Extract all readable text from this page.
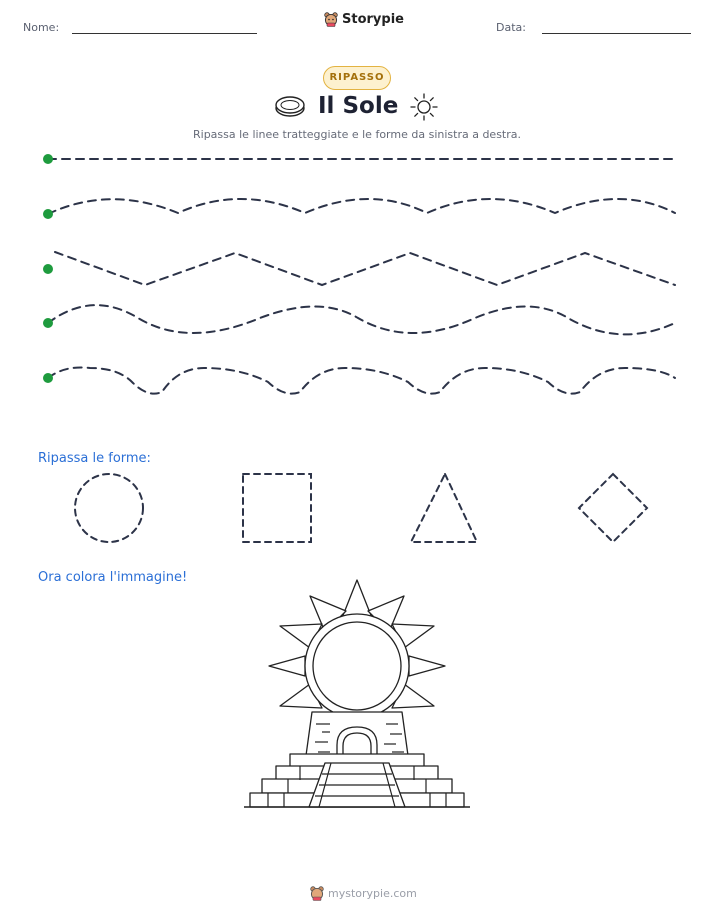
Nome:
Storypie
Data:
RIPASSO
Il Sole
Ripassa le linee tratteggiate e le forme da sinistra a destra.
Ripassa le forme:
Ora colora l'immagine!
mystorypie.com
